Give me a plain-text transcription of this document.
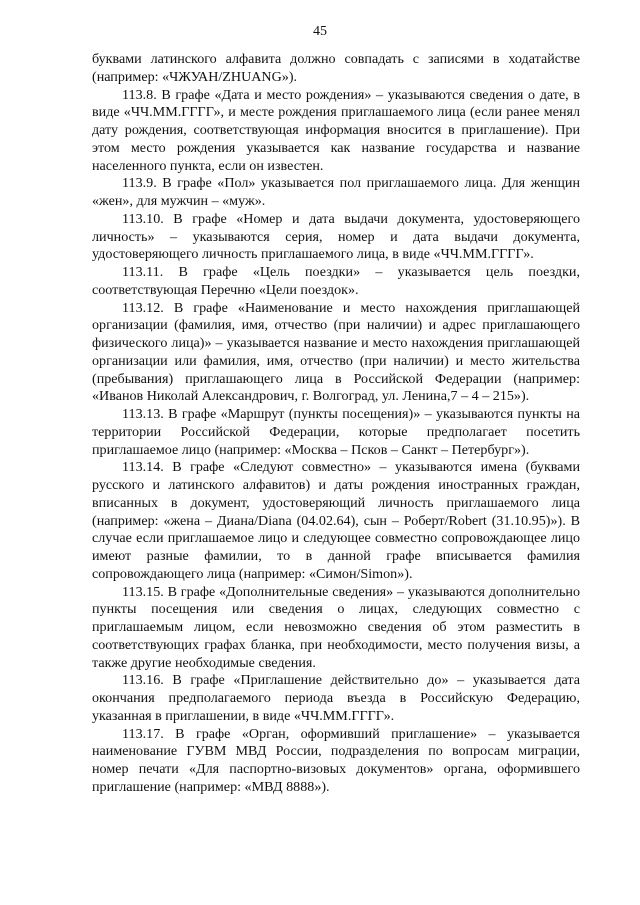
45

буквами латинского алфавита должно совпадать с записями в ходатайстве (например: «ЧЖУАН/ZHUANG»).

113.8. В графе «Дата и место рождения» – указываются сведения о дате, в виде «ЧЧ.ММ.ГГГГ», и месте рождения приглашаемого лица (если ранее менял дату рождения, соответствующая информация вносится в приглашение). При этом место рождения указывается как название государства и название населенного пункта, если он известен.

113.9. В графе «Пол» указывается пол приглашаемого лица. Для женщин «жен», для мужчин – «муж».

113.10. В графе «Номер и дата выдачи документа, удостоверяющего личность» – указываются серия, номер и дата выдачи документа, удостоверяющего личность приглашаемого лица, в виде «ЧЧ.ММ.ГГГГ».

113.11. В графе «Цель поездки» – указывается цель поездки, соответствующая Перечню «Цели поездок».

113.12. В графе «Наименование и место нахождения приглашающей организации (фамилия, имя, отчество (при наличии) и адрес приглашающего физического лица)» – указывается название и место нахождения приглашающей организации или фамилия, имя, отчество (при наличии) и место жительства (пребывания) приглашающего лица в Российской Федерации (например: «Иванов Николай Александрович, г. Волгоград, ул. Ленина,7 – 4 – 215»).

113.13. В графе «Маршрут (пункты посещения)» – указываются пункты на территории Российской Федерации, которые предполагает посетить приглашаемое лицо (например: «Москва – Псков – Санкт – Петербург»).

113.14. В графе «Следуют совместно» – указываются имена (буквами русского и латинского алфавитов) и даты рождения иностранных граждан, вписанных в документ, удостоверяющий личность приглашаемого лица (например: «жена – Диана/Diana (04.02.64), сын – Роберт/Robert (31.10.95)»). В случае если приглашаемое лицо и следующее совместно сопровождающее лицо имеют разные фамилии, то в данной графе вписывается фамилия сопровождающего лица (например: «Симон/Simon»).

113.15. В графе «Дополнительные сведения» – указываются дополнительно пункты посещения или сведения о лицах, следующих совместно с приглашаемым лицом, если невозможно сведения об этом разместить в соответствующих графах бланка, при необходимости, место получения визы, а также другие необходимые сведения.

113.16. В графе «Приглашение действительно до» – указывается дата окончания предполагаемого периода въезда в Российскую Федерацию, указанная в приглашении, в виде «ЧЧ.ММ.ГГГГ».

113.17. В графе «Орган, оформивший приглашение» – указывается наименование ГУВМ МВД России, подразделения по вопросам миграции, номер печати «Для паспортно-визовых документов» органа, оформившего приглашение (например: «МВД 8888»).
